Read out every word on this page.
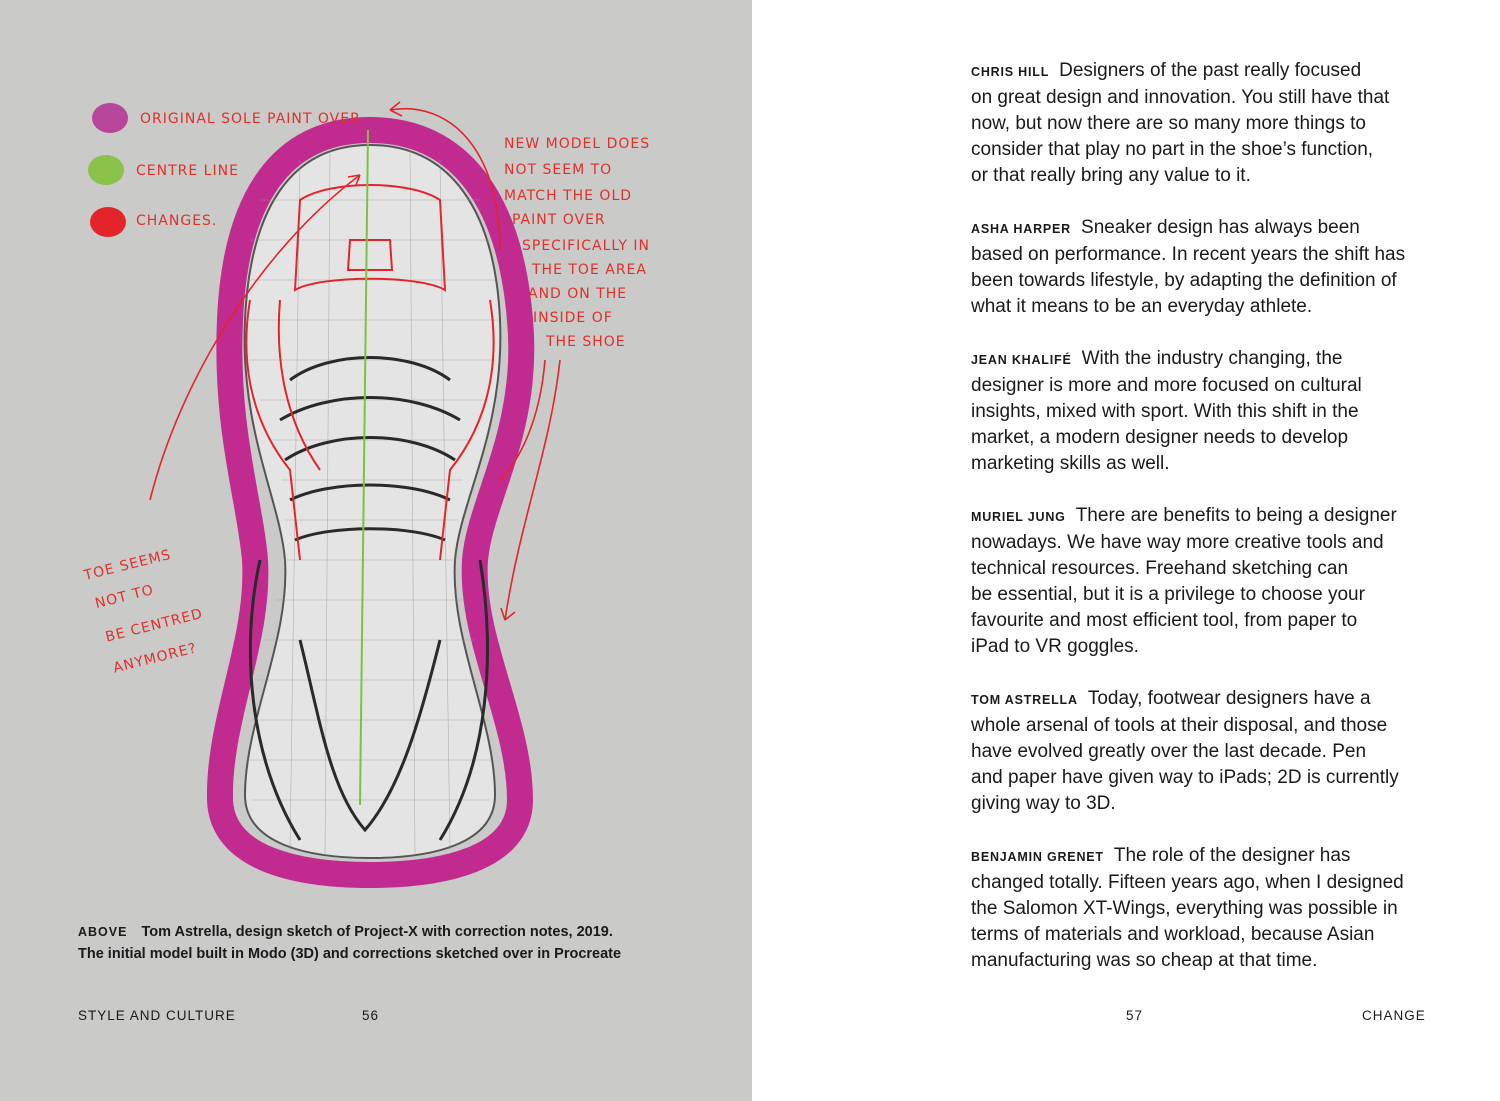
ORIGINAL SOLE PAINT OVER
CENTRE LINE
CHANGES.
NEW MODEL DOES
NOT SEEM TO
MATCH THE OLD
PAINT OVER
SPECIFICALLY IN
THE TOE AREA
AND ON THE
INSIDE OF
THE SHOE
TOE SEEMS
NOT TO
BE CENTRED
ANYMORE?
ABOVE Tom Astrella, design sketch of Project-X with correction notes, 2019.
The initial model built in Modo (3D) and corrections sketched over in Procreate
STYLE AND CULTURE	56

CHRIS HILL Designers of the past really focused
on great design and innovation. You still have that
now, but now there are so many more things to
consider that play no part in the shoe’s function,
or that really bring any value to it.

ASHA HARPER Sneaker design has always been
based on performance. In recent years the shift has
been towards lifestyle, by adapting the definition of
what it means to be an everyday athlete.

JEAN KHALIFÉ With the industry changing, the
designer is more and more focused on cultural
insights, mixed with sport. With this shift in the
market, a modern designer needs to develop
marketing skills as well.

MURIEL JUNG There are benefits to being a designer
nowadays. We have way more creative tools and
technical resources. Freehand sketching can
be essential, but it is a privilege to choose your
favourite and most efficient tool, from paper to
iPad to VR goggles.

TOM ASTRELLA Today, footwear designers have a
whole arsenal of tools at their disposal, and those
have evolved greatly over the last decade. Pen
and paper have given way to iPads; 2D is currently
giving way to 3D.

BENJAMIN GRENET The role of the designer has
changed totally. Fifteen years ago, when I designed
the Salomon XT-Wings, everything was possible in
terms of materials and workload, because Asian
manufacturing was so cheap at that time.

57	CHANGE
